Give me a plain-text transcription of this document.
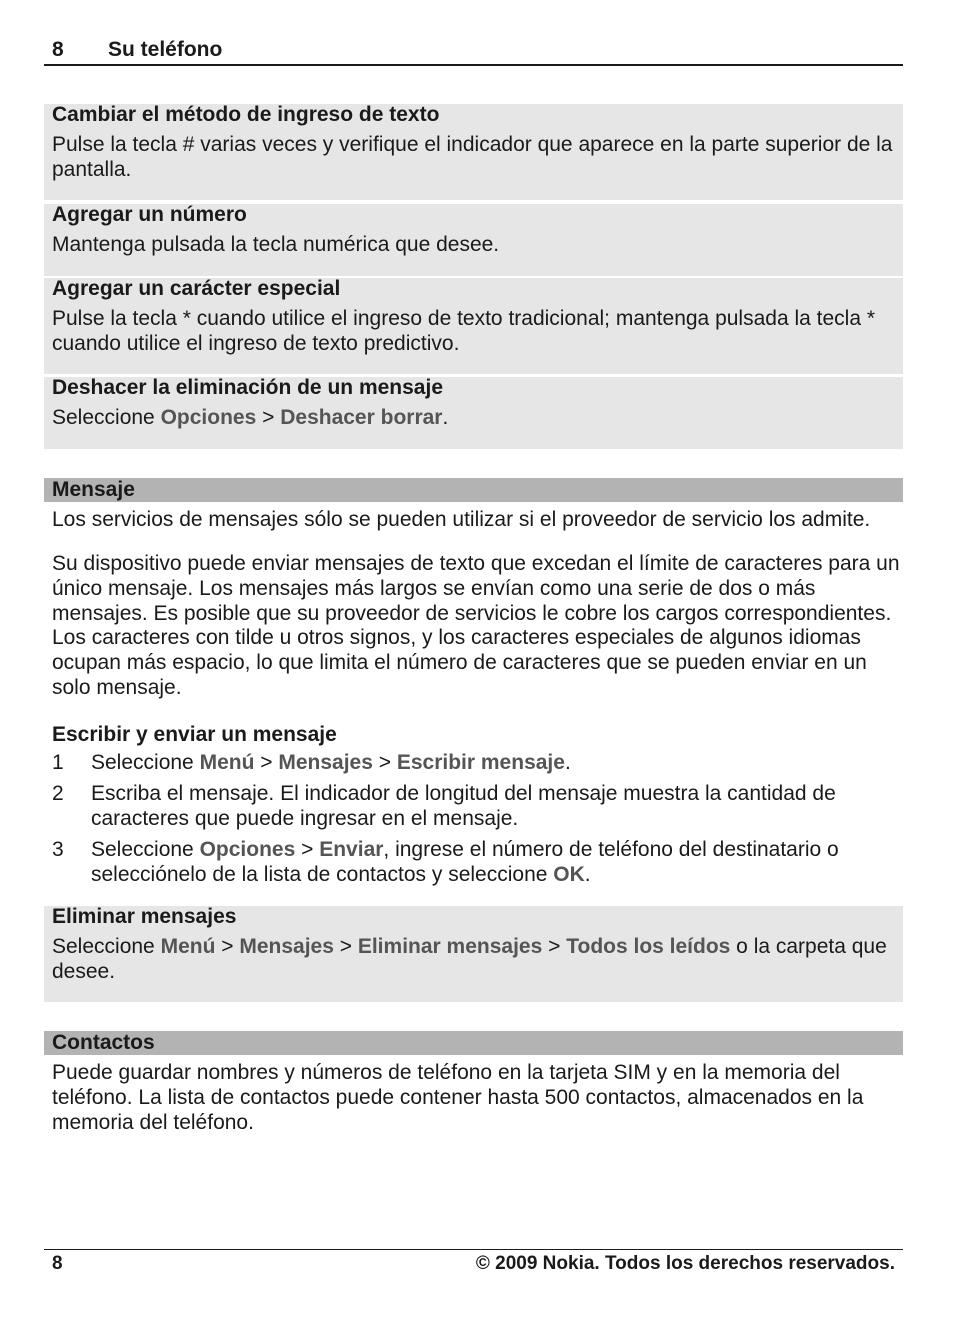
8 Su teléfono
Cambiar el método de ingreso de texto
Pulse la tecla # varias veces y verifique el indicador que aparece en la parte superior de la pantalla.
Agregar un número
Mantenga pulsada la tecla numérica que desee.
Agregar un carácter especial
Pulse la tecla * cuando utilice el ingreso de texto tradicional; mantenga pulsada la tecla * cuando utilice el ingreso de texto predictivo.
Deshacer la eliminación de un mensaje
Seleccione Opciones > Deshacer borrar.
Mensaje
Los servicios de mensajes sólo se pueden utilizar si el proveedor de servicio los admite.
Su dispositivo puede enviar mensajes de texto que excedan el límite de caracteres para un único mensaje. Los mensajes más largos se envían como una serie de dos o más mensajes. Es posible que su proveedor de servicios le cobre los cargos correspondientes. Los caracteres con tilde u otros signos, y los caracteres especiales de algunos idiomas ocupan más espacio, lo que limita el número de caracteres que se pueden enviar en un solo mensaje.
Escribir y enviar un mensaje
1 Seleccione Menú > Mensajes > Escribir mensaje.
2 Escriba el mensaje. El indicador de longitud del mensaje muestra la cantidad de caracteres que puede ingresar en el mensaje.
3 Seleccione Opciones > Enviar, ingrese el número de teléfono del destinatario o selecciónelo de la lista de contactos y seleccione OK.
Eliminar mensajes
Seleccione Menú > Mensajes > Eliminar mensajes > Todos los leídos o la carpeta que desee.
Contactos
Puede guardar nombres y números de teléfono en la tarjeta SIM y en la memoria del teléfono. La lista de contactos puede contener hasta 500 contactos, almacenados en la memoria del teléfono.
8	© 2009 Nokia. Todos los derechos reservados.
